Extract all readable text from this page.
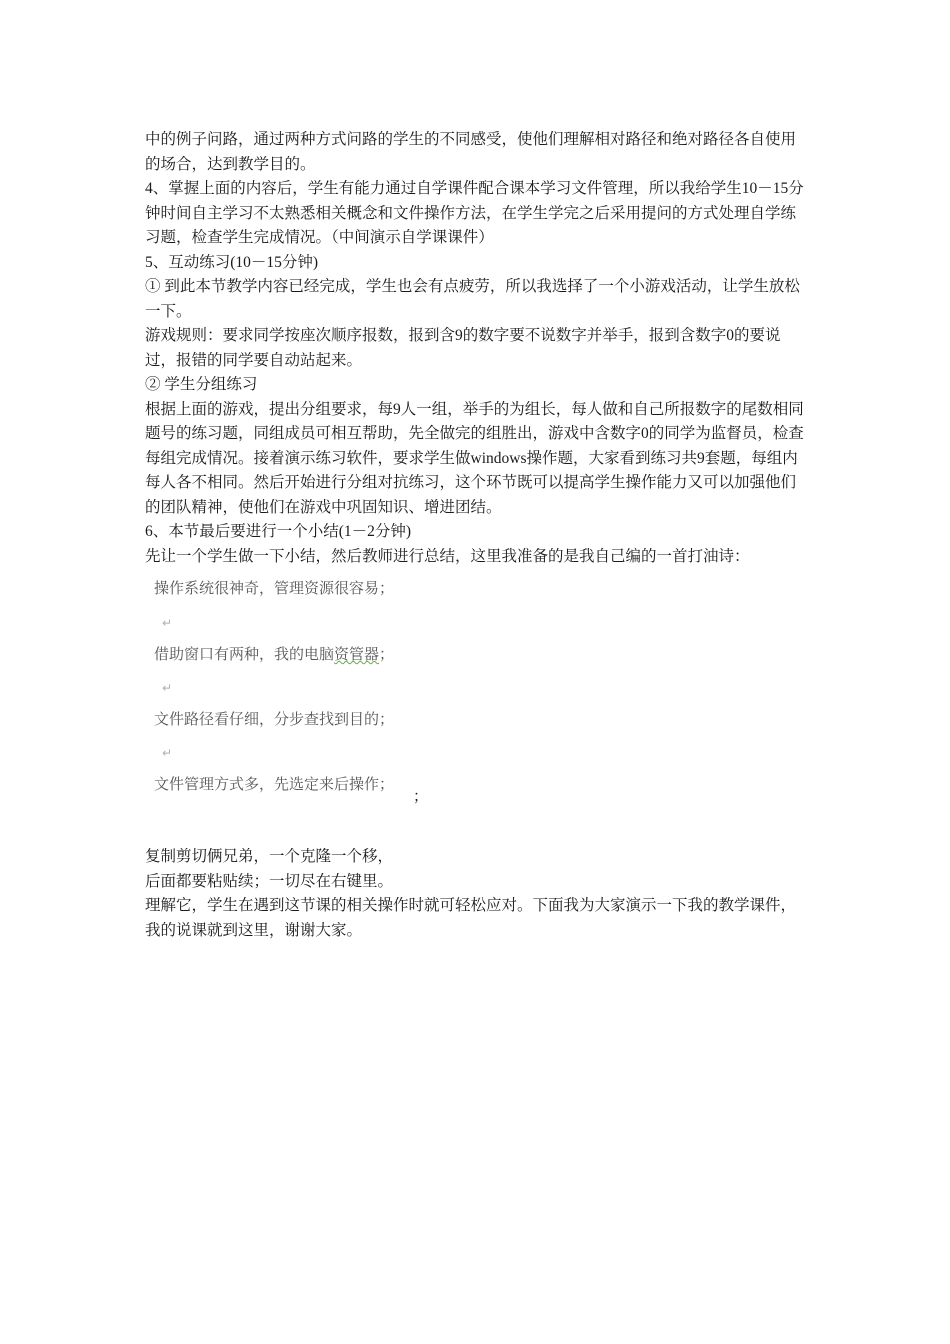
中的例子问路，通过两种方式问路的学生的不同感受，使他们理解相对路径和绝对路径各自使用的场合，达到教学目的。

4、掌握上面的内容后，学生有能力通过自学课件配合课本学习文件管理，所以我给学生10－15分钟时间自主学习不太熟悉相关概念和文件操作方法，在学生学完之后采用提问的方式处理自学练习题，检查学生完成情况。（中间演示自学课课件）

5、互动练习(10－15分钟)

① 到此本节教学内容已经完成，学生也会有点疲劳，所以我选择了一个小游戏活动，让学生放松一下。

游戏规则：要求同学按座次顺序报数，报到含9的数字要不说数字并举手，报到含数字0的要说过，报错的同学要自动站起来。

② 学生分组练习

根据上面的游戏，提出分组要求，每9人一组，举手的为组长，每人做和自己所报数字的尾数相同题号的练习题，同组成员可相互帮助，先全做完的组胜出，游戏中含数字0的同学为监督员，检查每组完成情况。接着演示练习软件，要求学生做windows操作题，大家看到练习共9套题，每组内每人各不相同。然后开始进行分组对抗练习，这个环节既可以提高学生操作能力又可以加强他们的团队精神，使他们在游戏中巩固知识、增进团结。

6、本节最后要进行一个小结(1－2分钟)

先让一个学生做一下小结，然后教师进行总结，这里我准备的是我自己编的一首打油诗：

操作系统很神奇，管理资源很容易；
↵
借助窗口有两种，我的电脑资管器；
↵
文件路径看仔细，分步查找到目的；
↵
文件管理方式多，先选定来后操作；
；

复制剪切俩兄弟，一个克隆一个移，

后面都要粘贴续；一切尽在右键里。

理解它，学生在遇到这节课的相关操作时就可轻松应对。下面我为大家演示一下我的教学课件，

我的说课就到这里，谢谢大家。
